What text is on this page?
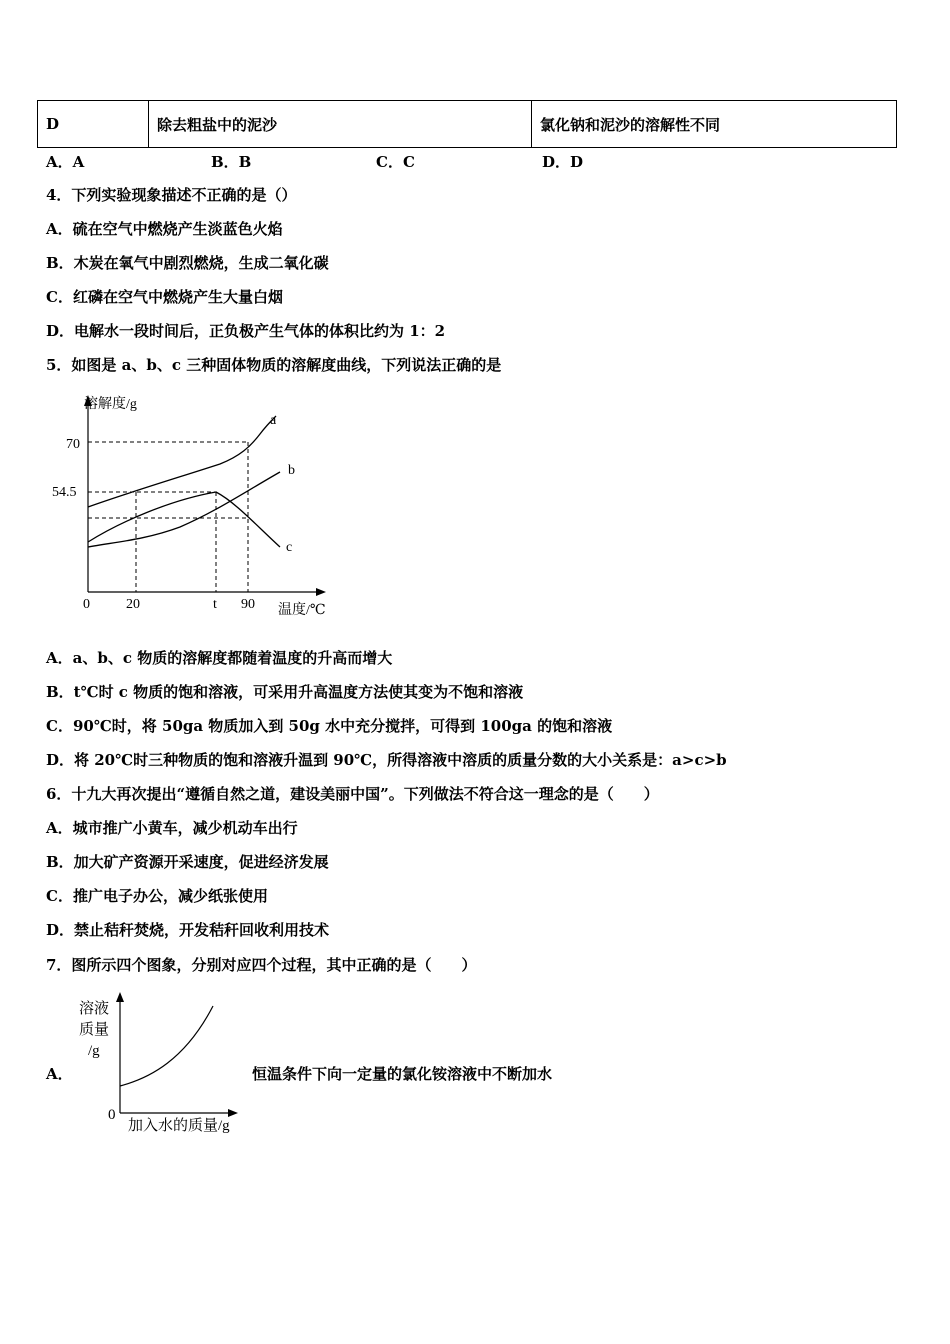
D	除去粗盐中的泥沙	氯化钠和泥沙的溶解性不同
A．A	B．B	C．C	D．D
4．下列实验现象描述不正确的是（）
A．硫在空气中燃烧产生淡蓝色火焰
B．木炭在氧气中剧烈燃烧，生成二氧化碳
C．红磷在空气中燃烧产生大量白烟
D．电解水一段时间后，正负极产生气体的体积比约为 1：2
5．如图是 a、b、c 三种固体物质的溶解度曲线，下列说法正确的是
溶解度/g
温度/℃
70
54.5
0	20	t 90
a
b
c
A．a、b、c 物质的溶解度都随着温度的升高而增大
B．t℃时 c 物质的饱和溶液，可采用升高温度方法使其变为不饱和溶液
C．90℃时，将 50ga 物质加入到 50g 水中充分搅拌，可得到 100ga 的饱和溶液
D．将 20℃时三种物质的饱和溶液升温到 90℃，所得溶液中溶质的质量分数的大小关系是：a>c>b
6．十九大再次提出“遵循自然之道，建设美丽中国”。下列做法不符合这一理念的是（　　）
A．城市推广小黄车，减少机动车出行
B．加大矿产资源开采速度，促进经济发展
C．推广电子办公，减少纸张使用
D．禁止秸秆焚烧，开发秸秆回收利用技术
7．图所示四个图象，分别对应四个过程，其中正确的是（　　）
A．
溶液
质量
/g
0
加入水的质量/g
恒温条件下向一定量的氯化铵溶液中不断加水
